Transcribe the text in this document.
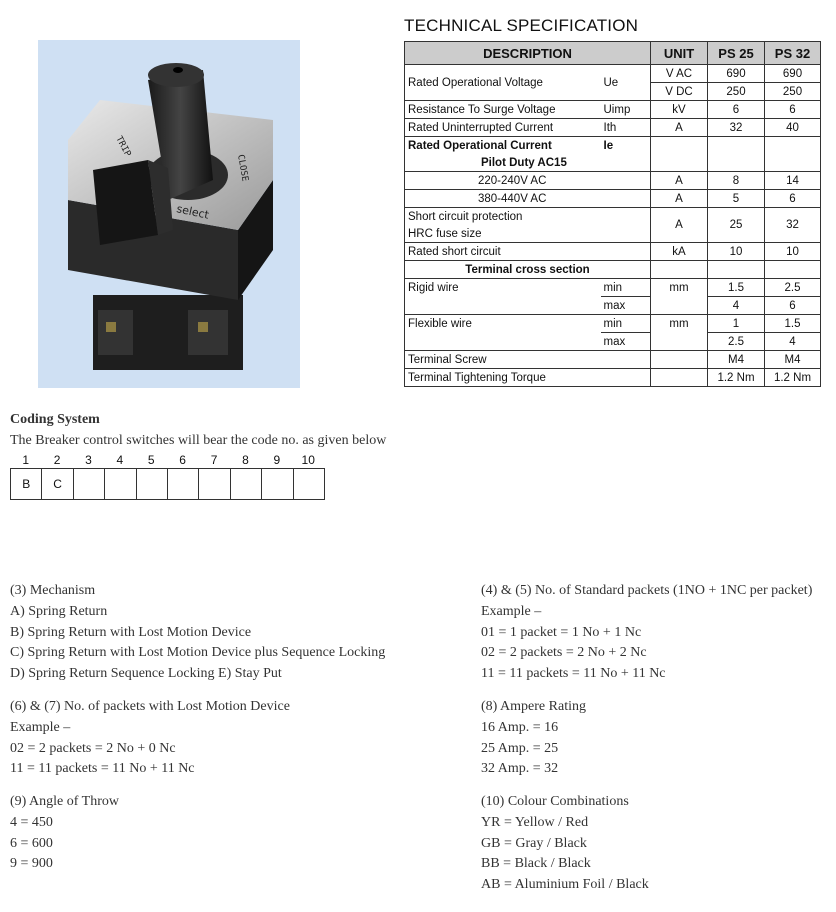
TRIP
CLOSE
select
TECHNICAL SPECIFICATION
DESCRIPTION		UNIT	PS 25	PS 32
Rated Operational Voltage	Ue	V AC	690	690
		V DC	250	250
Resistance To Surge Voltage	Uimp	kV	6	6
Rated Uninterrupted Current	Ith	A	32	40
Rated Operational Current	Ie			
Pilot Duty AC15				
220-240V AC		A	8	14
380-440V AC		A	5	6
Short circuit protection		A	25	32
HRC fuse size				
Rated short circuit		kA	10	10
Terminal cross section				
Rigid wire	min	mm	1.5	2.5
	max		4	6
Flexible wire	min	mm	1	1.5
	max		2.5	4
Terminal Screw			M4	M4
Terminal Tightening Torque			1.2 Nm	1.2 Nm
Coding System
The Breaker control switches will bear the code no. as given below
1	2	3	4	5	6	7	8	9	10
B	C
(3) Mechanism
A) Spring Return
B) Spring Return with Lost Motion Device
C) Spring Return with Lost Motion Device plus Sequence Locking
D) Spring Return Sequence Locking E) Stay Put
(6) & (7) No. of packets with Lost Motion Device
Example –
02 = 2 packets = 2 No + 0 Nc
11 = 11 packets = 11 No + 11 Nc
(9) Angle of Throw
4 = 450
6 = 600
9 = 900
(4) & (5) No. of Standard packets (1NO + 1NC per packet)
Example –
01 = 1 packet = 1 No + 1 Nc
02 = 2 packets = 2 No + 2 Nc
11 = 11 packets = 11 No + 11 Nc
(8) Ampere Rating
16 Amp. = 16
25 Amp. = 25
32 Amp. = 32
(10) Colour Combinations
YR = Yellow / Red
GB = Gray / Black
BB = Black / Black
AB = Aluminium Foil / Black
